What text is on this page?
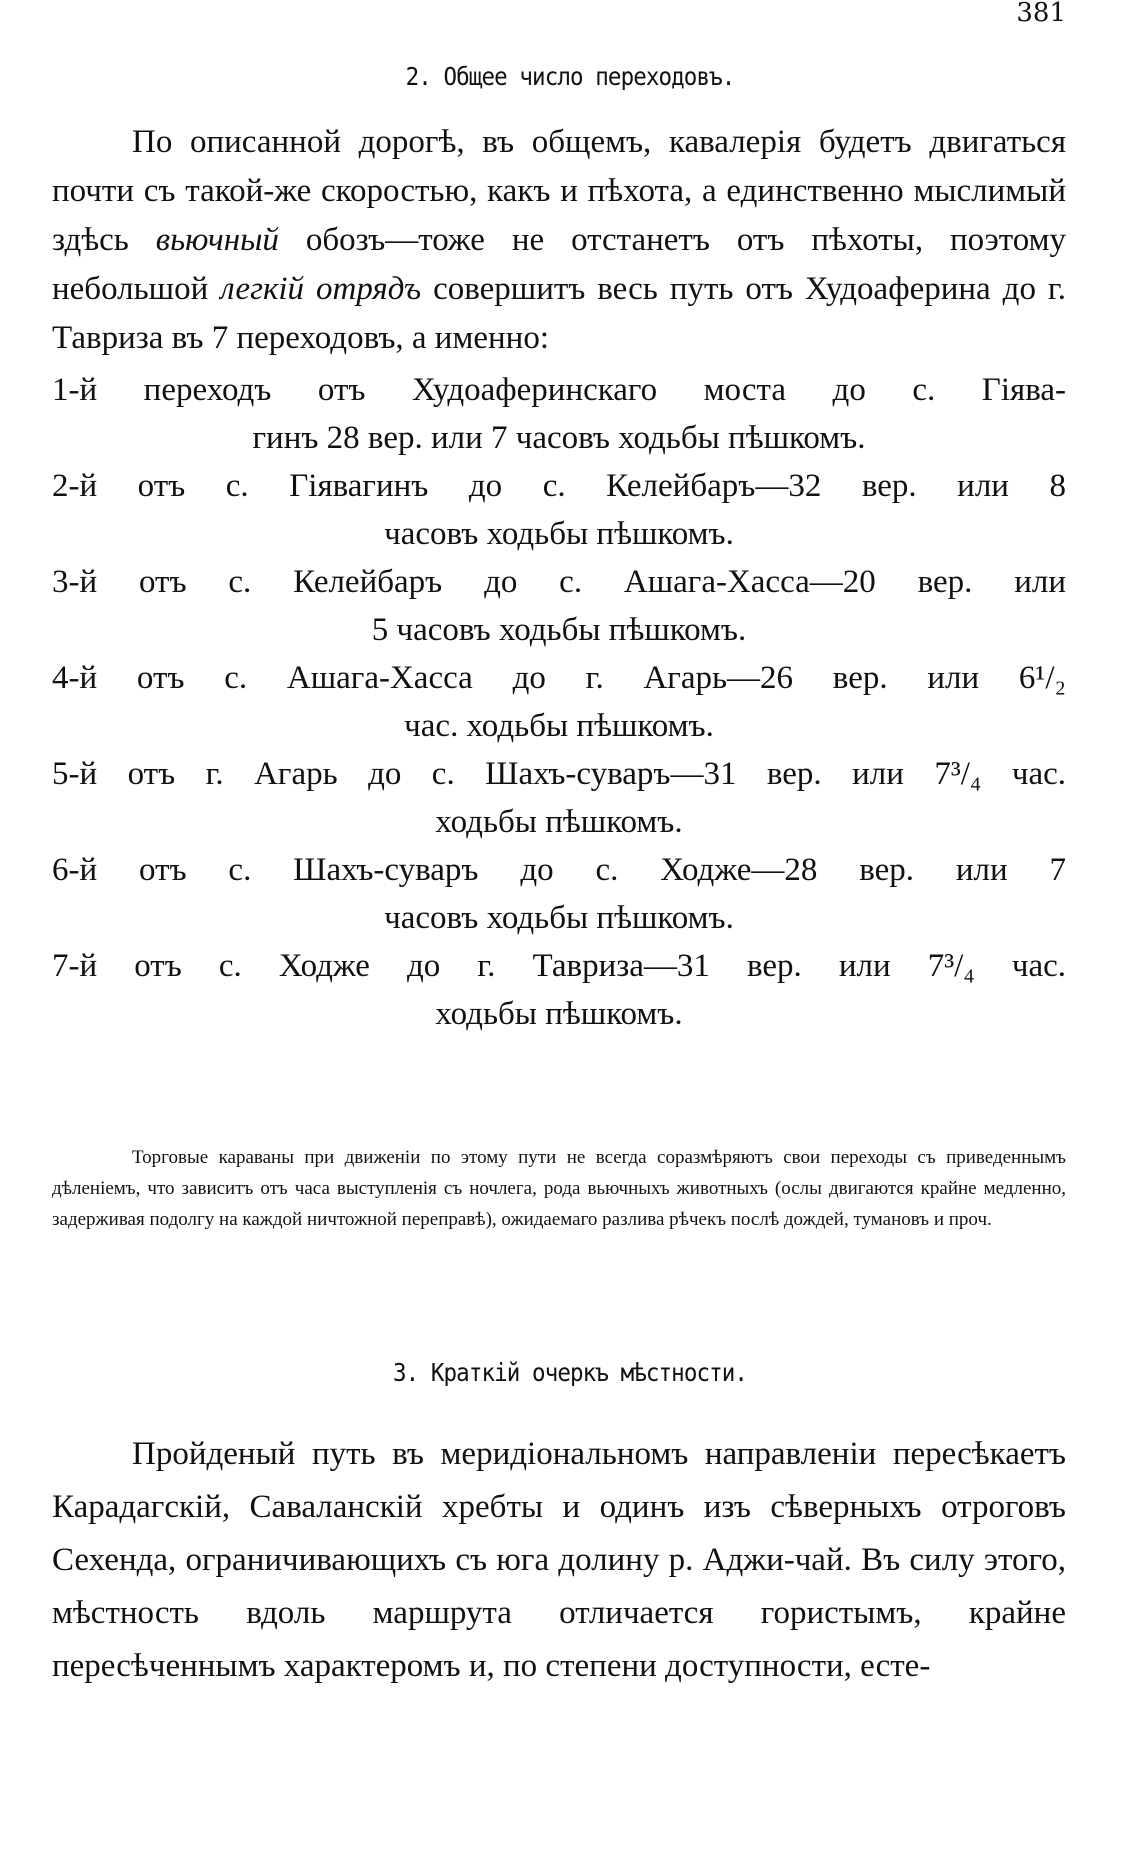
381
2. Общее число переходовъ.
По описанной дорогѣ, въ общемъ, кавалерія будетъ двигаться почти съ такой-же скоростью, какъ и пѣхота, а единственно мыслимый здѣсь вьючный обозъ—тоже не отстанетъ отъ пѣхоты, поэтому небольшой легкій отрядъ совершитъ весь путь отъ Худоаферина до г. Тавриза въ 7 переходовъ, а именно:
1-й переходъ отъ Худоаферинскаго моста до с. Гіява-
гинъ 28 вер. или 7 часовъ ходьбы пѣшкомъ.
2-й отъ с. Гіявагинъ до с. Келейбаръ—32 вер. или 8
часовъ ходьбы пѣшкомъ.
3-й отъ с. Келейбаръ до с. Ашага-Хасса—20 вер. или
5 часовъ ходьбы пѣшкомъ.
4-й отъ с. Ашага-Хасса до г. Агарь—26 вер. или 6¹/₂
час. ходьбы пѣшкомъ.
5-й отъ г. Агарь до с. Шахъ-суваръ—31 вер. или 7³/₄ час.
ходьбы пѣшкомъ.
6-й отъ с. Шахъ-суваръ до с. Ходже—28 вер. или 7
часовъ ходьбы пѣшкомъ.
7-й отъ с. Ходже до г. Тавриза—31 вер. или 7³/₄ час.
ходьбы пѣшкомъ.
Торговые караваны при движеніи по этому пути не всегда соразмѣряютъ свои переходы съ приведеннымъ дѣленіемъ, что зависитъ отъ часа выступленія съ ночлега, рода вьючныхъ животныхъ (ослы двигаются крайне медленно, задерживая подолгу на каждой ничтожной переправѣ), ожидаемаго разлива рѣчекъ послѣ дождей, тумановъ и проч.
3. Краткій очеркъ мѣстности.
Пройденый путь въ меридіональномъ направленіи пересѣкаетъ Карадагскій, Саваланскій хребты и одинъ изъ сѣверныхъ отроговъ Сехенда, ограничивающихъ съ юга долину р. Аджи-чай. Въ силу этого, мѣстность вдоль маршрута отличается гористымъ, крайне пересѣченнымъ характеромъ и, по степени доступности, есте-
